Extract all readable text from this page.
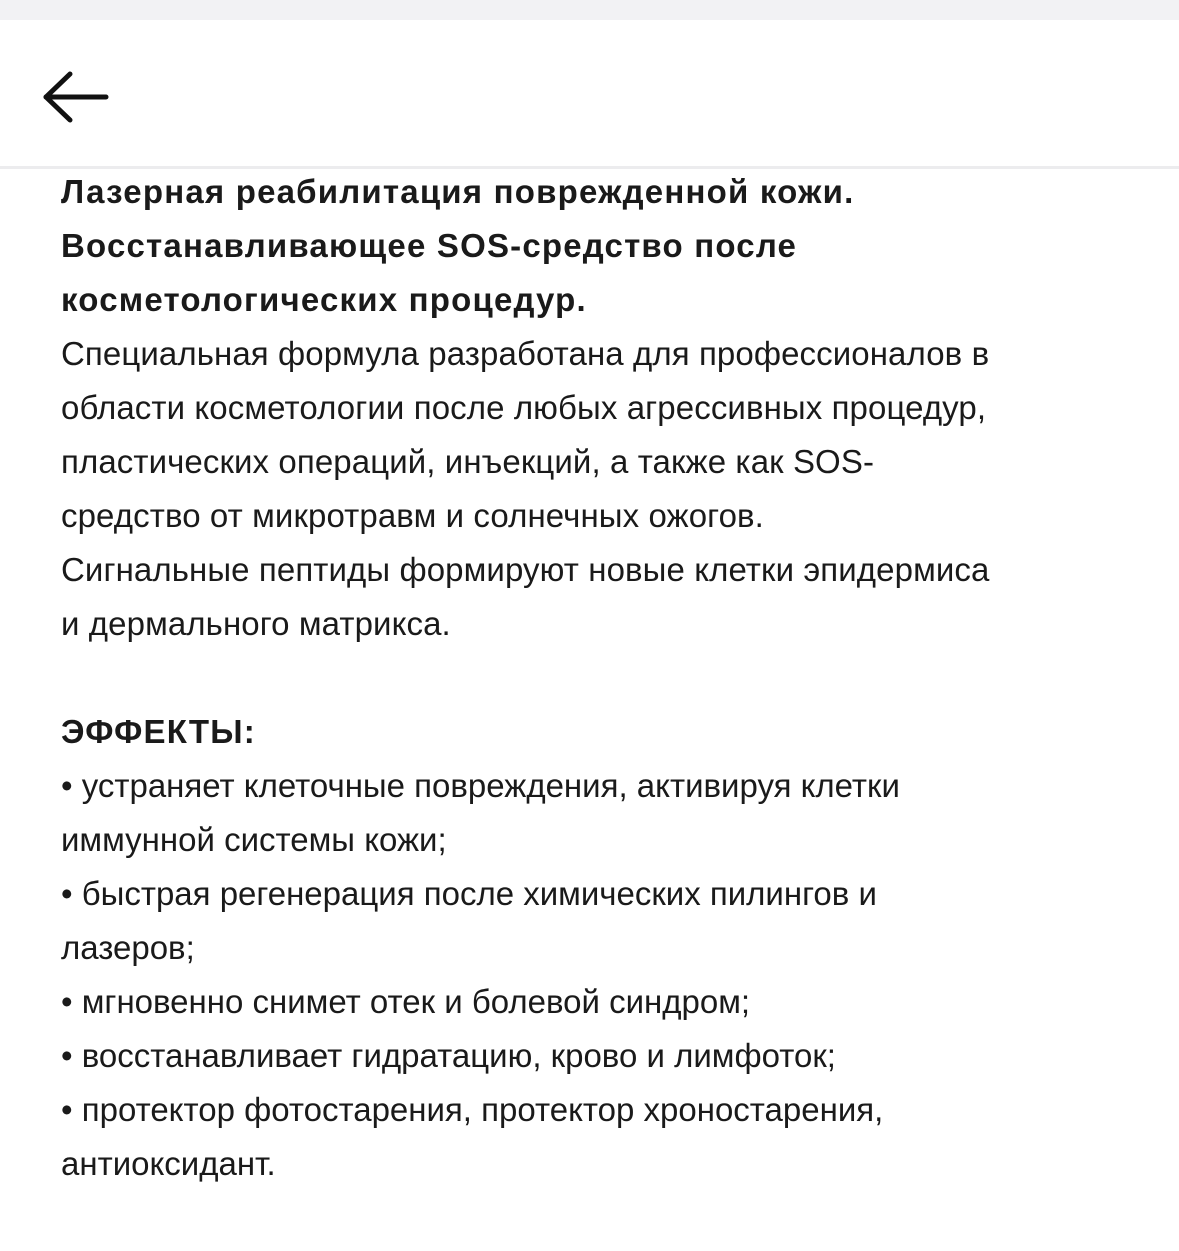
Лазерная реабилитация поврежденной кожи.

Восстанавливающее SOS-средство после

косметологических процедур.

Специальная формула разработана для профессионалов в

области косметологии после любых агрессивных процедур,

пластических операций, инъекций, а также как SOS-

средство от микротравм и солнечных ожогов.

Сигнальные пептиды формируют новые клетки эпидермиса

и дермального матрикса.

ЭФФЕКТЫ:

• устраняет клеточные повреждения, активируя клетки
иммунной системы кожи;
• быстрая регенерация после химических пилингов и
лазеров;
• мгновенно снимет отек и болевой синдром;
• восстанавливает гидратацию, крово и лимфоток;
• протектор фотостарения, протектор хроностарения,
антиоксидант.
